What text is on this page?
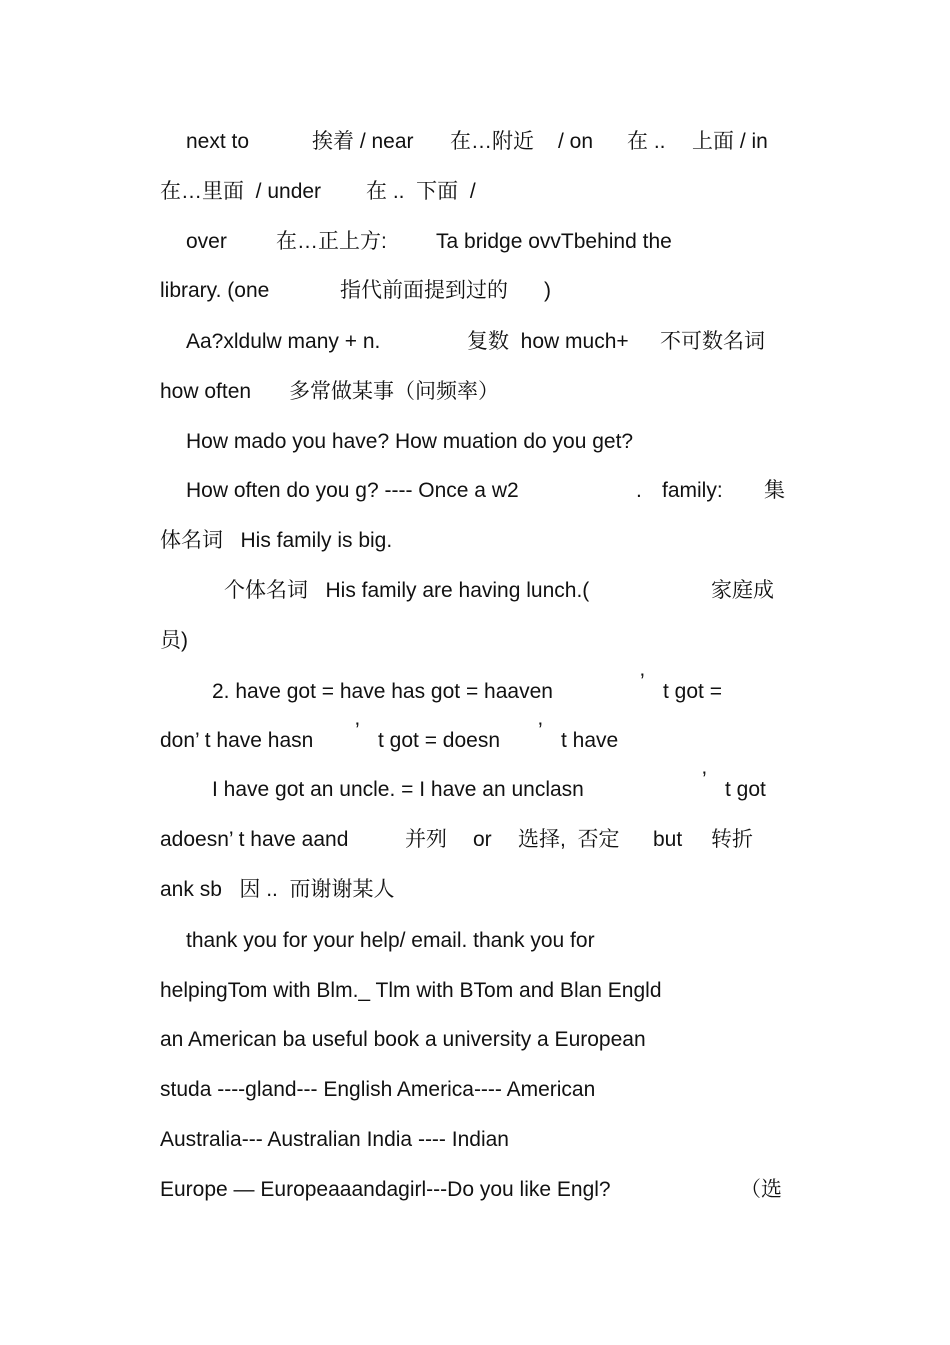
next to	挨着 / near 在…附近 / on 在 .. 上面 / in
在…里面  / under 在 ..  下面  /
over 在…正上方: Ta bridge ovvTbehind the
library. (one	指代前面提到过的 )
Aa?xldulw many + n.	复数  how much+ 不可数名词
how often 多常做某事（问频率）
How mado you have? How muation do you get?
How often do you g? ---- Once a w2	. family: 集
体名词   His family is big.
个体名词   His family are having lunch.(	家庭成
员)
2. have got = have has got = haaven	’ t got =
don’ t have hasn ’ t got = doesn ’ t have
I have got an uncle. = I have an unclasn	’ t got
adoesn’ t have aand	并列 or 选择,  否定 but 转折
ank sb   因 ..  而谢谢某人
thank you for your help/ email. thank you for
helpingTom with Blm._ Tlm with BTom and Blan Engld
an American ba useful book a university a European
studa ----gland--- English America---- American
Australia--- Australian India ---- Indian
Europe — Europeaaandagirl---Do you like Engl?	（选
